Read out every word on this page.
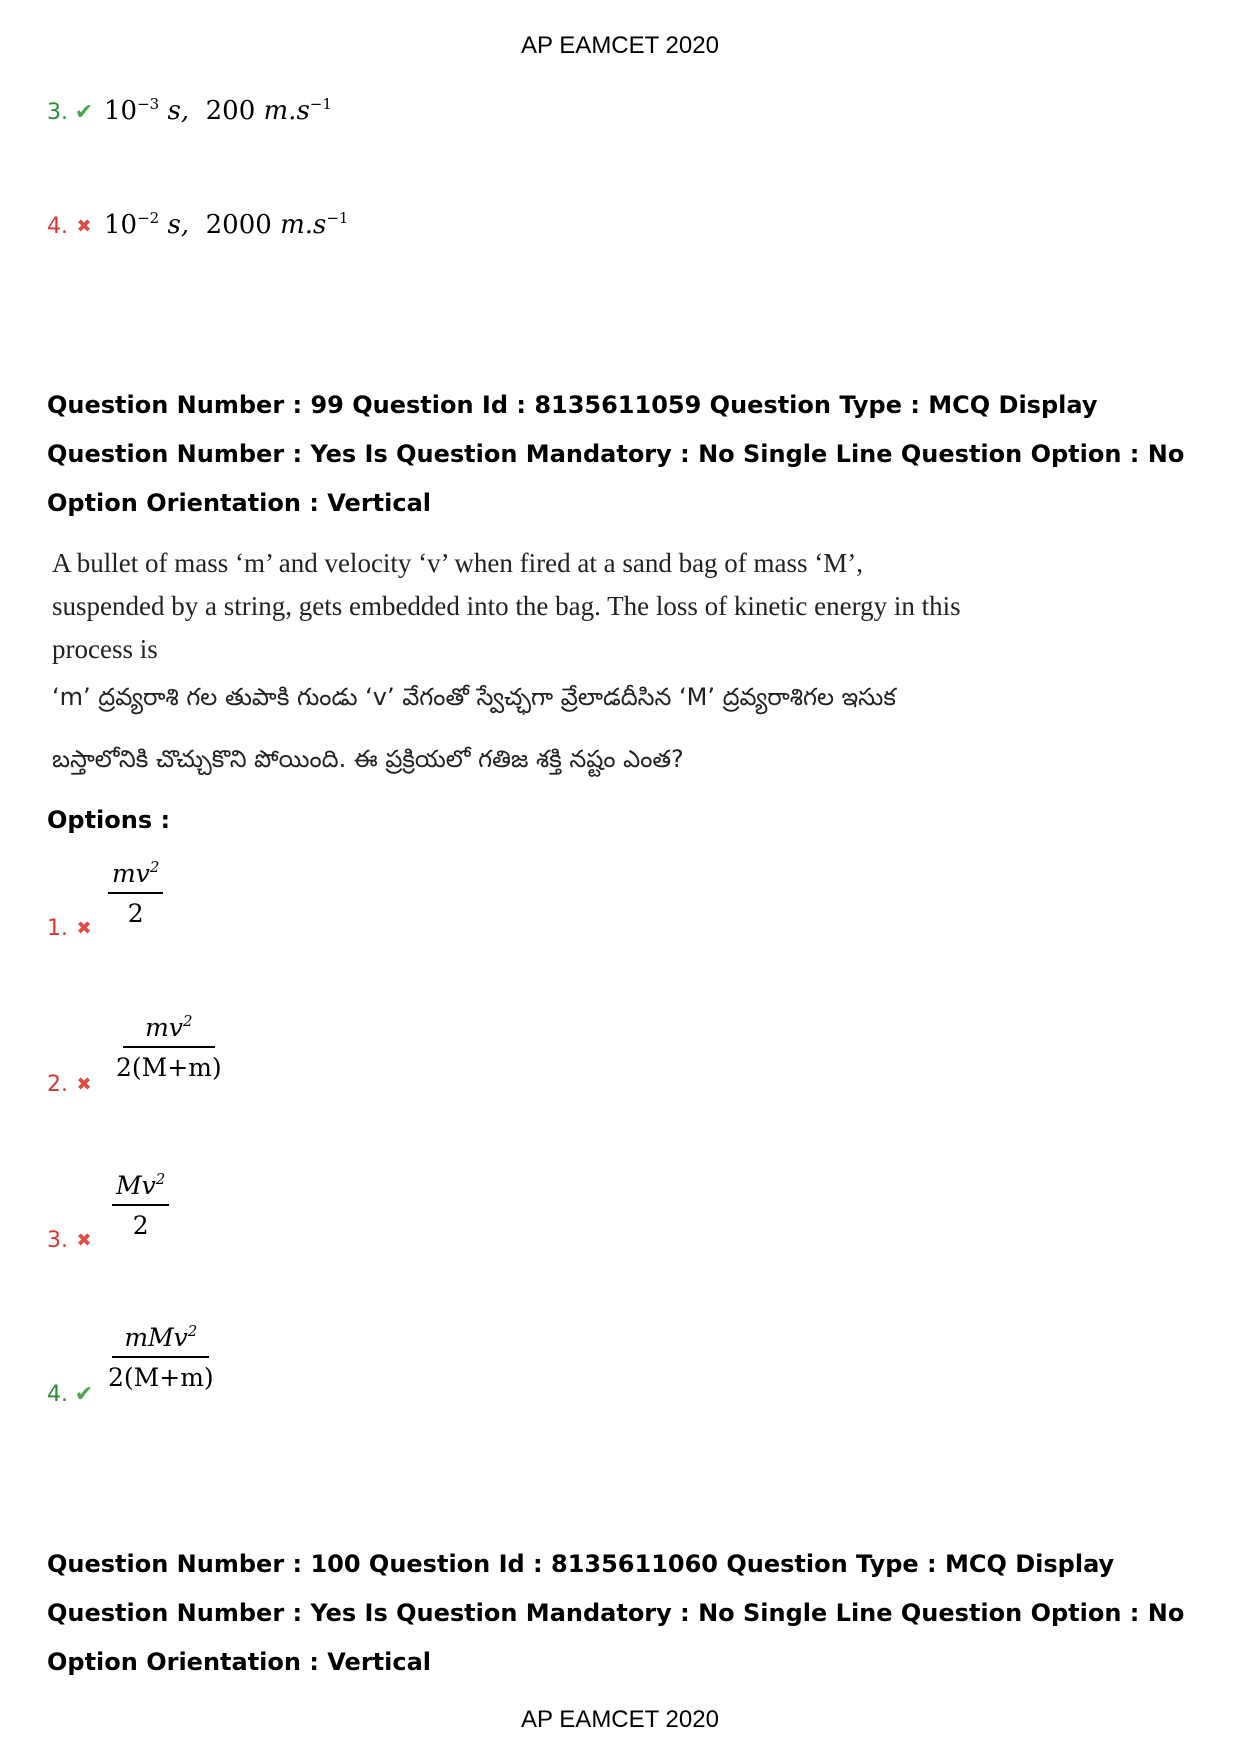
AP EAMCET 2020
3. ✔ $10^{-3}$ s, 200 $m.s^{-1}$
4. ✖ $10^{-2}$ s, 2000 $m.s^{-1}$
Question Number : 99 Question Id : 8135611059 Question Type : MCQ Display Question Number : Yes Is Question Mandatory : No Single Line Question Option : No Option Orientation : Vertical
A bullet of mass ‘m’ and velocity ‘v’ when fired at a sand bag of mass ‘M’, suspended by a string, gets embedded into the bag. The loss of kinetic energy in this process is
‘m’ ద్రవ్యరాశి గల తుపాకి గుండు ‘v’ వేగంతో స్వేచ్ఛగా వ్రేలాడదీసిన ‘M’ ద్రవ్యరాశిగల ఇసుక బస్తాలోనికి చొచ్చుకొని పోయింది. ఈ ప్రక్రియలో గతిజ శక్తి నష్టం ఎంత?
Options :
1. ✖ $\frac{mv^2}{2}$
2. ✖
$\frac{mv^2}{2(M+m)}$
3. ✖ $\frac{Mv^2}{2}$
4. ✔
mMv$^2$
2(M+m)
Question Number : 100 Question Id : 8135611060 Question Type : MCQ Display Question Number : Yes Is Question Mandatory : No Single Line Question Option : No Option Orientation : Vertical
AP EAMCET 2020
